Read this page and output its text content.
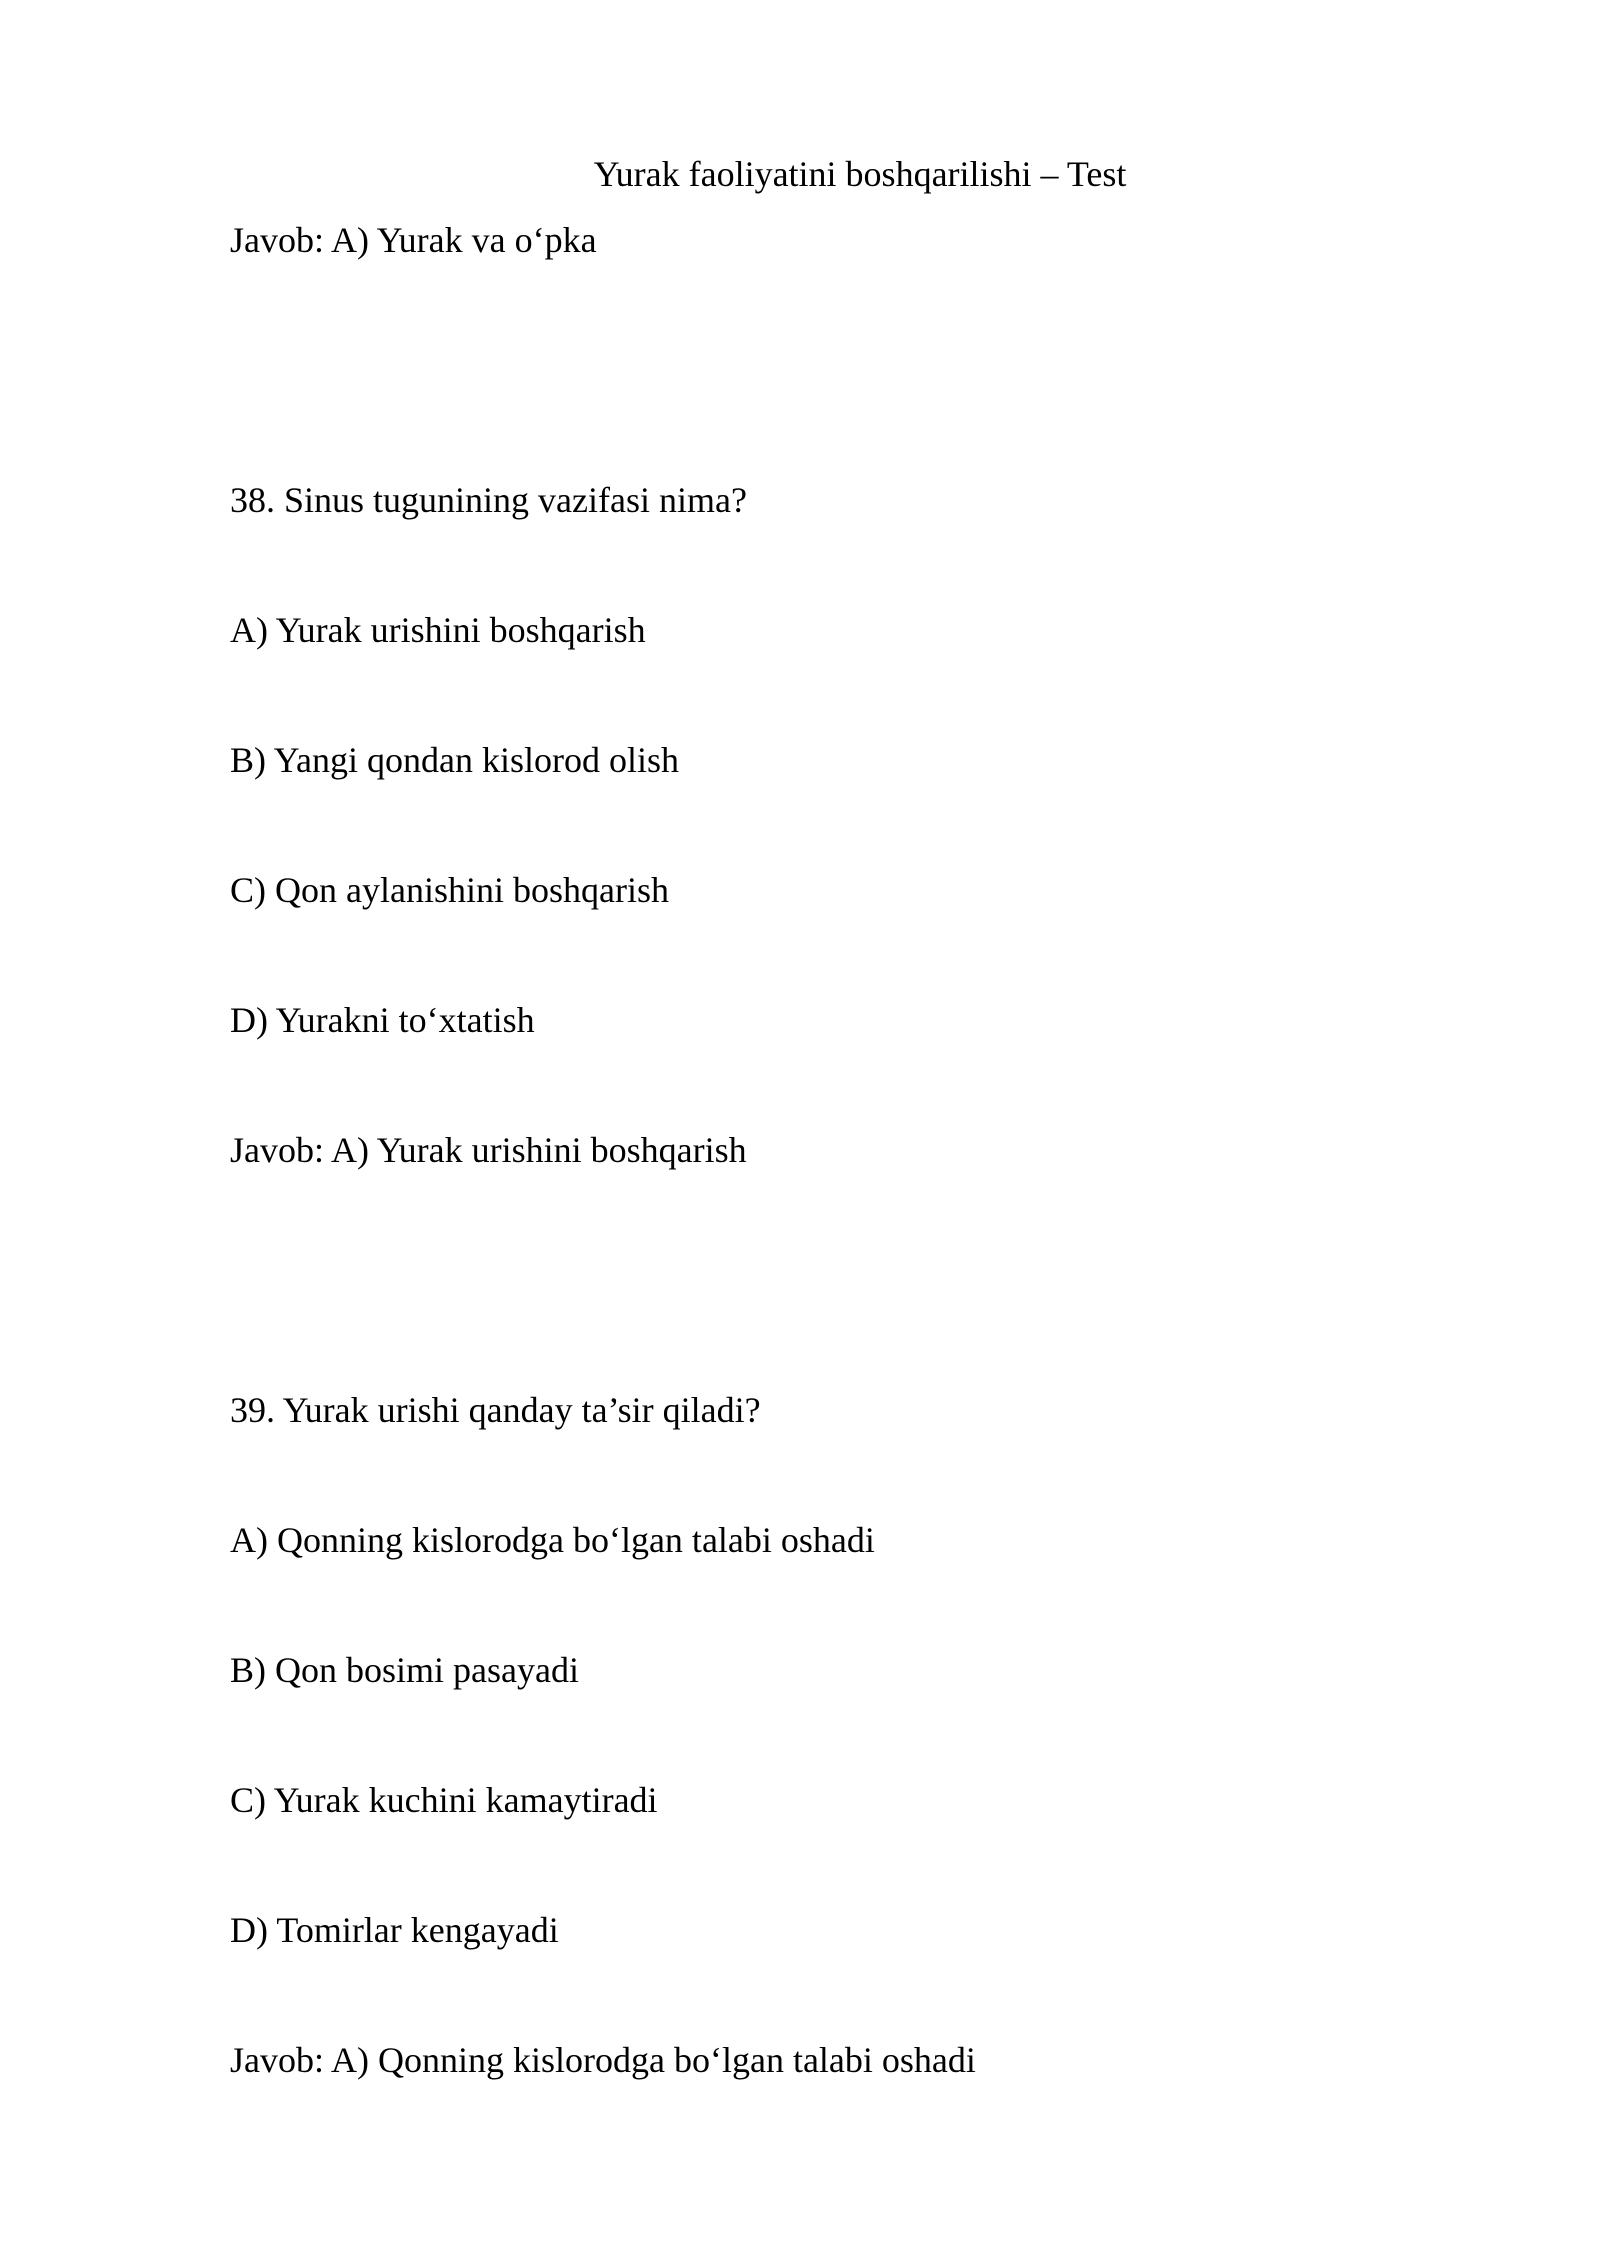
Yurak faoliyatini boshqarilishi – Test
Javob: A) Yurak va o‘pka
38. Sinus tugunining vazifasi nima?
A) Yurak urishini boshqarish
B) Yangi qondan kislorod olish
C) Qon aylanishini boshqarish
D) Yurakni to‘xtatish
Javob: A) Yurak urishini boshqarish
39. Yurak urishi qanday ta’sir qiladi?
A) Qonning kislorodga bo‘lgan talabi oshadi
B) Qon bosimi pasayadi
C) Yurak kuchini kamaytiradi
D) Tomirlar kengayadi
Javob: A) Qonning kislorodga bo‘lgan talabi oshadi
